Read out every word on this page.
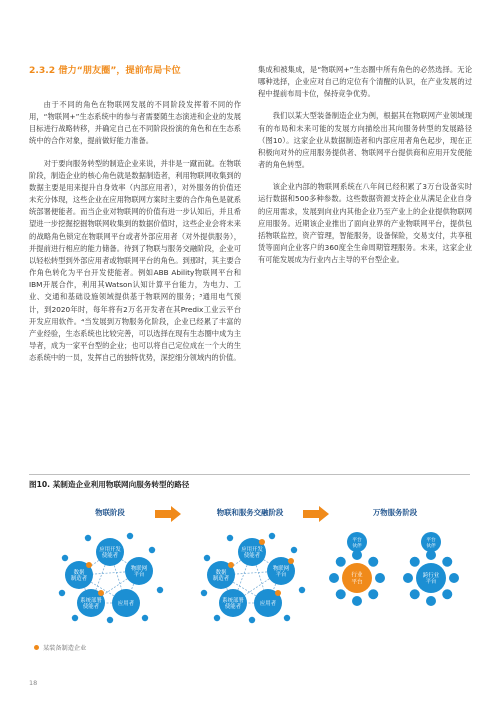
2.3.2 借力“朋友圈”，提前布局卡位

由于不同的角色在物联网发展的不同阶段发挥着不同的作用，“物联网+”生态系统中的参与者需要随生态演进和企业的发展目标进行战略转移，并确定自己在不同阶段扮演的角色和在生态系统中的合作对象，提前做好能力准备。

对于要向服务转型的制造企业来说，并非是一蹴而就。在物联阶段，制造企业的核心角色就是数据制造者，利用物联网收集到的数据主要是用来提升自身效率（内部应用者），对外服务的价值还未充分体现，这些企业在应用物联网方案时主要的合作角色是就系统部署便能者。而当企业对物联网的价值有进一步认知后，并且希望进一步挖掘挖掘物联网收集到的数据价值时，这些企业会将未来的战略角色锁定在物联网平台或者外部应用者（对外提供服务），并提前进行相应的能力储备。待到了物联与服务交融阶段，企业可以轻松转型到外部应用者或物联网平台的角色。到那时，其主要合作角色转化为平台开发使能者。例如ABB Ability物联网平台和IBM开展合作，利用其Watson认知计算平台能力，为电力、工业、交通和基础设施领域提供基于物联网的服务；³通用电气预计，到2020年时，每年将有2万名开发者在其Predix工业云平台开发应用软件。⁴当发展到万物服务化阶段，企业已经累了丰富的产业经验，生态系统也比较完善，可以选择在现有生态圈中成为主导者，成为一家平台型的企业；也可以将自己定位成在一个大的生态系统中的一员，发挥自己的独特优势，深挖细分领域内的价值。

集成和被集成，是“物联网+”生态圈中所有角色的必然选择。无论哪种选择，企业应对自己的定位有个清醒的认识，在产业发展的过程中提前布局卡位，保持竞争优势。

我们以某大型装备制造企业为例，根据其在物联网产业领域现有的布局和未来可能的发展方向描绘出其向服务转型的发展路径（图10）。这家企业从数据制造者和内部应用者角色起步，现在正积极向对外的应用服务提供者、物联网平台提供商和应用开发使能者的角色转型。

该企业内部的物联网系统在八年间已经积累了3万台设备实时运行数据和500多种参数。这些数据资源支持企业从满足企业自身的应用需求，发展到向业内其他企业乃至产业上的企业提供物联网应用服务。近期该企业推出了面向业界的产业物联网平台，提供包括物联监控，资产管理，智能服务，设备保险，交易支付，共享租赁等面向企业客户的360度全生命周期管理服务。未来，这家企业有可能发展成为行业内占主导的平台型企业。

图10. 某制造企业利用物联网向服务转型的路径
物联阶段	物联和服务交融阶段	万物服务阶段
应用开发使能者
物联网平台
应用者
系统部署使能者
数据制造者
应用开发使能者
物联网平台
应用者
系统部署使能者
数据制造者
行业平台
跨行业平台
平台伙伴
平台伙伴
某装备制造企业
18
